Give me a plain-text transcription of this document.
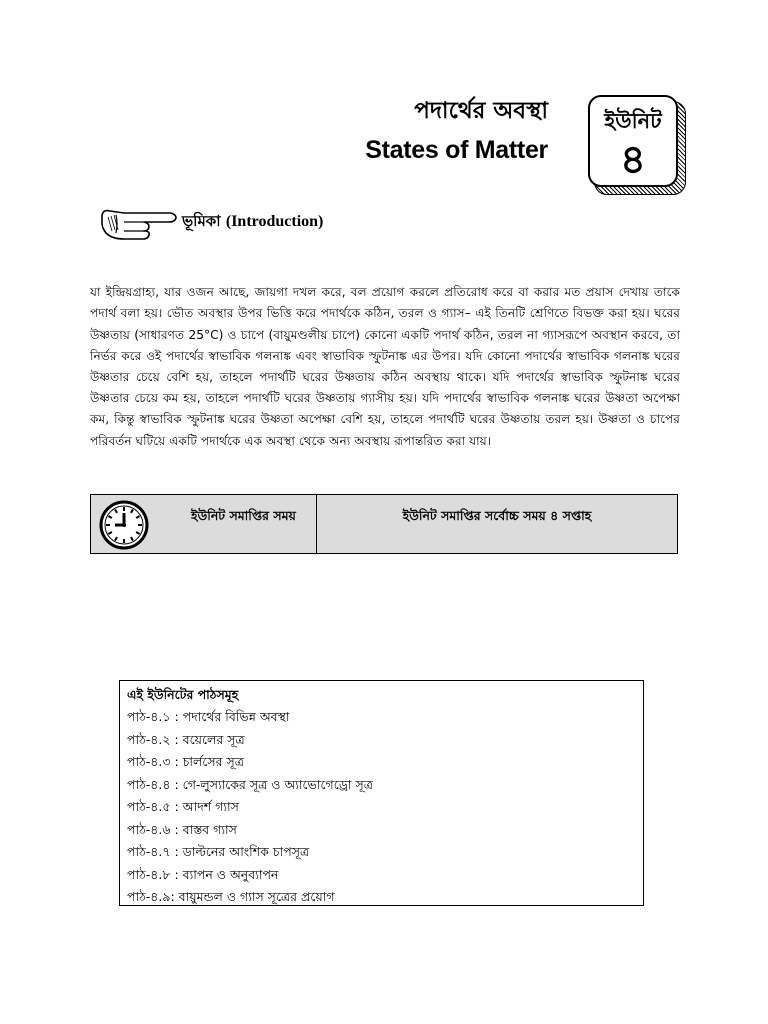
পদার্থের অবস্থা
States of Matter
ইউনিট
৪
ভূমিকা (Introduction)

যা ইন্দ্রিয়গ্রাহ্য, যার ওজন আছে, জায়গা দখল করে, বল প্রয়োগ করলে প্রতিরোধ করে বা করার মত প্রয়াস দেখায় তাকে পদার্থ বলা হয়। ভৌত অবস্থার উপর ভিত্তি করে পদার্থকে কঠিন, তরল ও গ্যাস– এই তিনটি শ্রেণিতে বিভক্ত করা হয়। ঘরের উষ্ণতায় (সাধারণত 25°C) ও চাপে (বায়ুমণ্ডলীয় চাপে) কোনো একটি পদার্থ কঠিন, তরল না গ্যাসরূপে অবস্থান করবে, তা নির্ভর করে ওই পদার্থের স্বাভাবিক গলনাঙ্ক এবং স্বাভাবিক স্ফুটনাঙ্ক এর উপর। যদি কোনো পদার্থের স্বাভাবিক গলনাঙ্ক ঘরের উষ্ণতার চেয়ে বেশি হয়, তাহলে পদার্থটি ঘরের উষ্ণতায় কঠিন অবস্থায় থাকে। যদি পদার্থের স্বাভাবিক স্ফুটনাঙ্ক ঘরের উষ্ণতার চেয়ে কম হয়, তাহলে পদার্থটি ঘরের উষ্ণতায় গ্যাসীয় হয়। যদি পদার্থের স্বাভাবিক গলনাঙ্ক ঘরের উষ্ণতা অপেক্ষা কম, কিন্তু স্বাভাবিক স্ফুটনাঙ্ক ঘরের উষ্ণতা অপেক্ষা বেশি হয়, তাহলে পদার্থটি ঘরের উষ্ণতায় তরল হয়। উষ্ণতা ও চাপের পরিবর্তন ঘটিয়ে একটি পদার্থকে এক অবস্থা থেকে অন্য অবস্থায় রূপান্তরিত করা যায়।

ইউনিট সমাপ্তির সময়	ইউনিট সমাপ্তির সর্বোচ্চ সময় ৪ সপ্তাহ
এই ইউনিটের পাঠসমূহ
পাঠ-৪.১ : পদার্থের বিভিন্ন অবস্থা
পাঠ-৪.২ : বয়েলের সূত্র
পাঠ-৪.৩ : চার্লসের সূত্র
পাঠ-৪.৪ : গে-লুস্যাকের সূত্র ও অ্যাভোগেড্রো সূত্র
পাঠ-৪.৫ : আদর্শ গ্যাস
পাঠ-৪.৬ : বাস্তব গ্যাস
পাঠ-৪.৭ : ডাল্টনের আংশিক চাপসূত্র
পাঠ-৪.৮ : ব্যাপন ও অনুব্যাপন
পাঠ-৪.৯: বায়ুমন্ডল ও গ্যাস সূত্রের প্রয়োগ
